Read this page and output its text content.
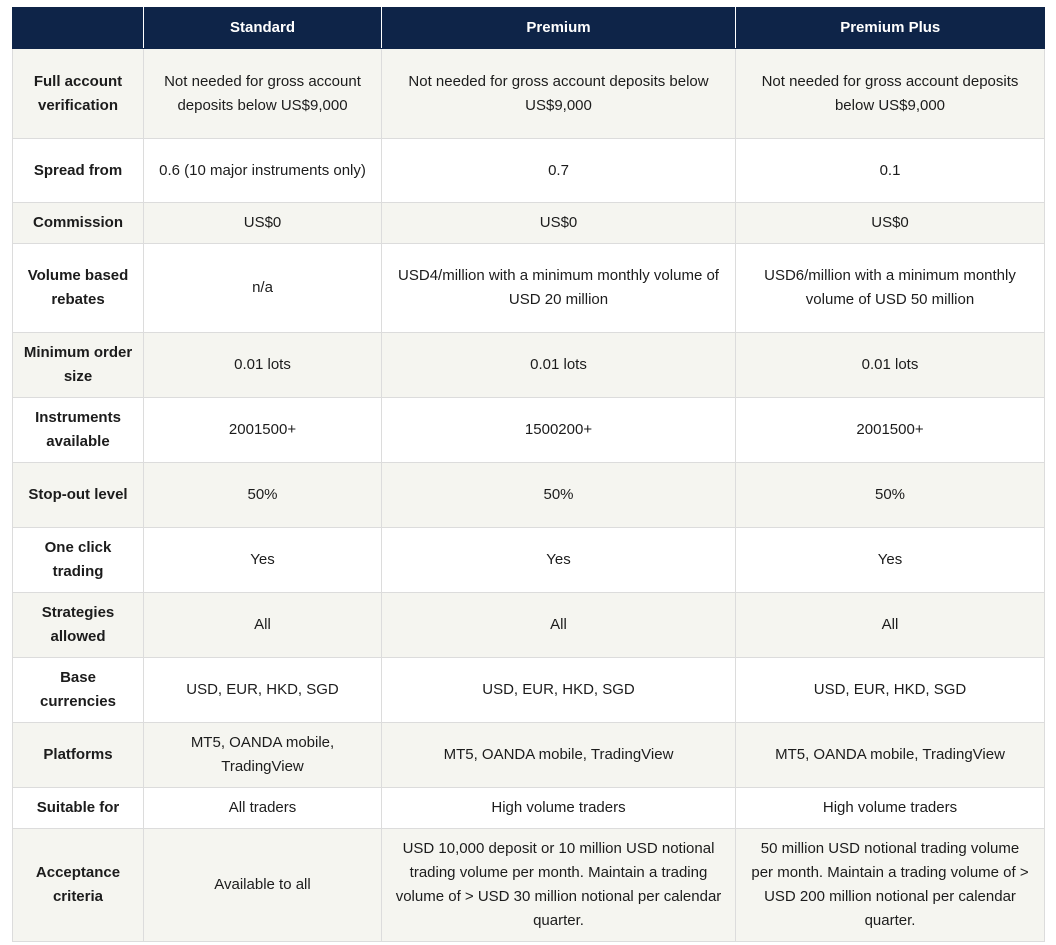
	Standard	Premium	Premium Plus
Full account verification	Not needed for gross account deposits below US$9,000	Not needed for gross account deposits below US$9,000	Not needed for gross account deposits below US$9,000
Spread from	0.6 (10 major instruments only)	0.7	0.1
Commission	US$0	US$0	US$0
Volume based rebates	n/a	USD4/million with a minimum monthly volume of USD 20 million	USD6/million with a minimum monthly volume of USD 50 million
Minimum order size	0.01 lots	0.01 lots	0.01 lots
Instruments available	2001500+	1500200+	2001500+
Stop-out level	50%	50%	50%
One click trading	Yes	Yes	Yes
Strategies allowed	All	All	All
Base currencies	USD, EUR, HKD, SGD	USD, EUR, HKD, SGD	USD, EUR, HKD, SGD
Platforms	MT5, OANDA mobile, TradingView	MT5, OANDA mobile, TradingView	MT5, OANDA mobile, TradingView
Suitable for	All traders	High volume traders	High volume traders
Acceptance criteria	Available to all	USD 10,000 deposit or 10 million USD notional trading volume per month. Maintain a trading volume of > USD 30 million notional per calendar quarter.	50 million USD notional trading volume per month. Maintain a trading volume of > USD 200 million notional per calendar quarter.
